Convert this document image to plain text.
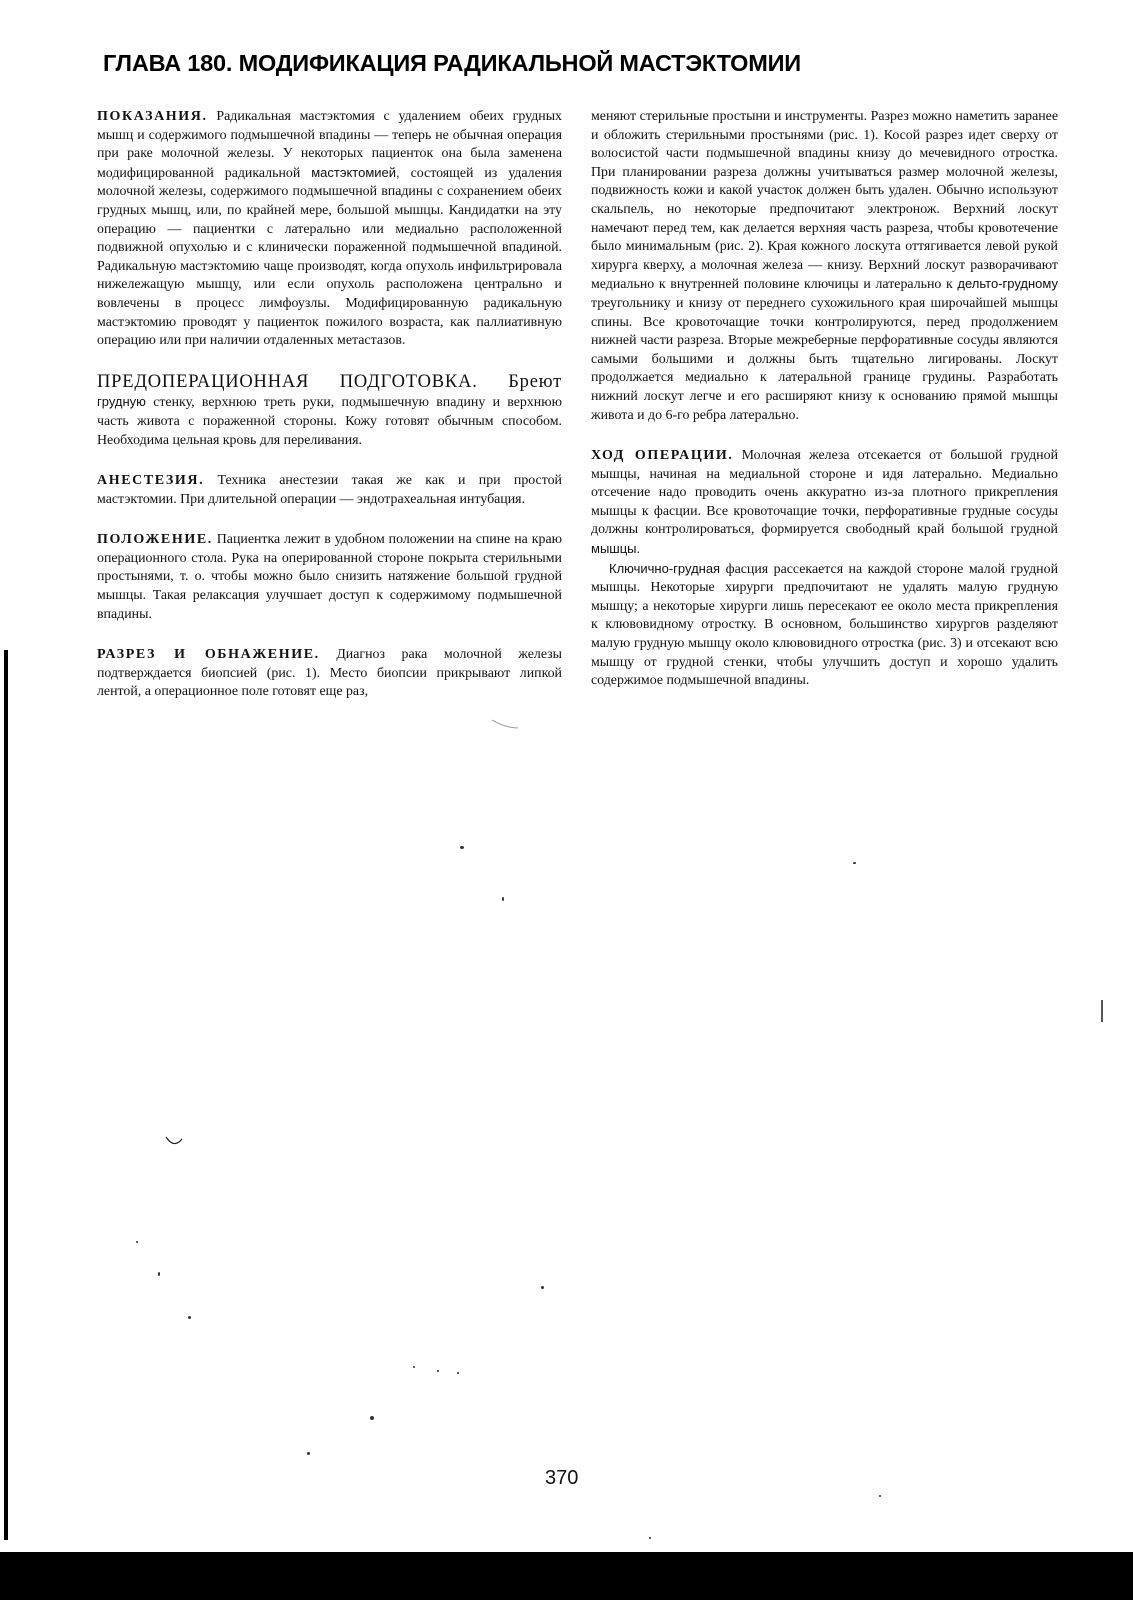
ГЛАВА 180. МОДИФИКАЦИЯ РАДИКАЛЬНОЙ МАСТЭКТОМИИ

ПОКАЗАНИЯ. Радикальная мастэктомия с удалением обеих грудных мышц и содержимого подмышечной впадины — теперь не обычная операция при раке молочной железы. У некоторых пациенток она была заменена модифицированной радикальной мастэктомией, состоящей из удаления молочной железы, содержимого подмышечной впадины с сохранением обеих грудных мышц, или, по крайней мере, большой мышцы. Кандидатки на эту операцию — пациентки с латерально или медиально расположенной подвижной опухолью и с клинически пораженной подмышечной впадиной. Радикальную мастэктомию чаще производят, когда опухоль инфильтрировала нижележащую мышцу, или если опухоль расположена центрально и вовлечены в процесс лимфоузлы. Модифицированную радикальную мастэктомию проводят у пациенток пожилого возраста, как паллиативную операцию или при наличии отдаленных метастазов.

ПРЕДОПЕРАЦИОННАЯ ПОДГОТОВКА. Бреют грудную стенку, верхнюю треть руки, подмышечную впадину и верхнюю часть живота с пораженной стороны. Кожу готовят обычным способом. Необходима цельная кровь для переливания.

АНЕСТЕЗИЯ. Техника анестезии такая же как и при простой мастэктомии. При длительной операции — эндотрахеальная интубация.

ПОЛОЖЕНИЕ. Пациентка лежит в удобном положении на спине на краю операционного стола. Рука на оперированной стороне покрыта стерильными простынями, т. о. чтобы можно было снизить натяжение большой грудной мышцы. Такая релаксация улучшает доступ к содержимому подмышечной впадины.

РАЗРЕЗ И ОБНАЖЕНИЕ. Диагноз рака молочной железы подтверждается биопсией (рис. 1). Место биопсии прикрывают липкой лентой, а операционное поле готовят еще раз,

меняют стерильные простыни и инструменты. Разрез можно наметить заранее и обложить стерильными простынями (рис. 1). Косой разрез идет сверху от волосистой части подмышечной впадины книзу до мечевидного отростка. При планировании разреза должны учитываться размер молочной железы, подвижность кожи и какой участок должен быть удален. Обычно используют скальпель, но некоторые предпочитают электронож. Верхний лоскут намечают перед тем, как делается верхняя часть разреза, чтобы кровотечение было минимальным (рис. 2). Края кожного лоскута оттягивается левой рукой хирурга кверху, а молочная железа — книзу. Верхний лоскут разворачивают медиально к внутренней половине ключицы и латерально к дельто-грудному треугольнику и книзу от переднего сухожильного края широчайшей мышцы спины. Все кровоточащие точки контролируются, перед продолжением нижней части разреза. Вторые межреберные перфоративные сосуды являются самыми большими и должны быть тщательно лигированы. Лоскут продолжается медиально к латеральной границе грудины. Разработать нижний лоскут легче и его расширяют книзу к основанию прямой мышцы живота и до 6-го ребра латерально.

ХОД ОПЕРАЦИИ. Молочная железа отсекается от большой грудной мышцы, начиная на медиальной стороне и идя латерально. Медиально отсечение надо проводить очень аккуратно из-за плотного прикрепления мышцы к фасции. Все кровоточащие точки, перфоративные грудные сосуды должны контролироваться, формируется свободный край большой грудной мышцы.

Ключично-грудная фасция рассекается на каждой стороне малой грудной мышцы. Некоторые хирурги предпочитают не удалять малую грудную мышцу; а некоторые хирурги лишь пересекают ее около места прикрепления к клювовидному отростку. В основном, большинство хирургов разделяют малую грудную мышцу около клювовидного отростка (рис. 3) и отсекают всю мышцу от грудной стенки, чтобы улучшить доступ и хорошо удалить содержимое подмышечной впадины.

370
